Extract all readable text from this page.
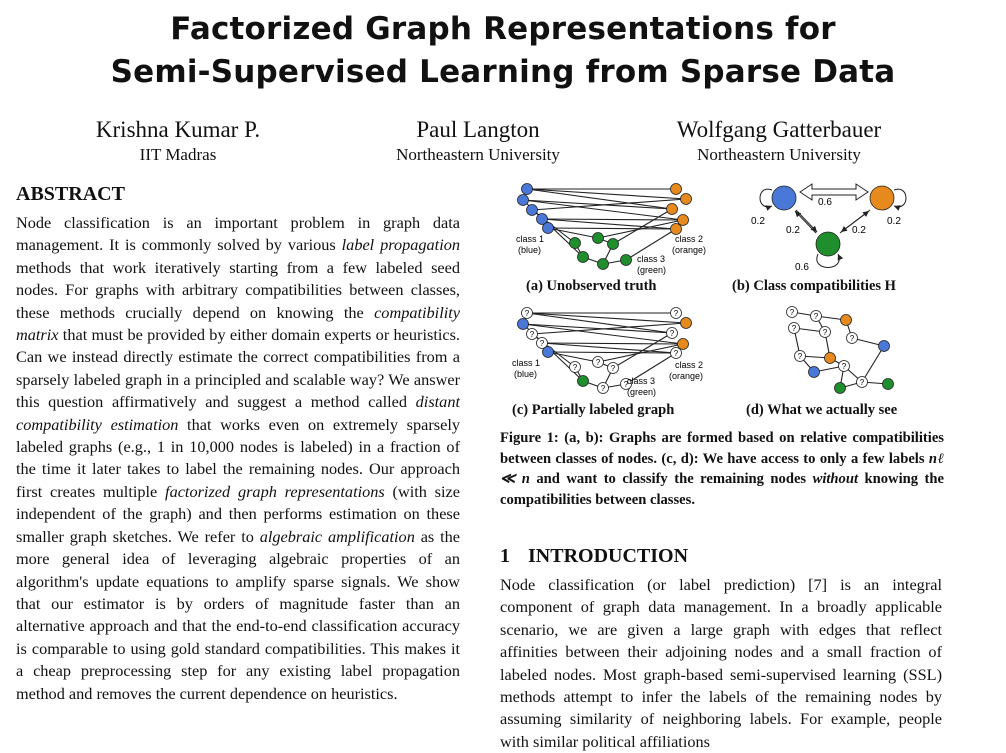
Factorized Graph Representations for
Semi-Supervised Learning from Sparse Data
Krishna Kumar P.
IIT Madras
Paul Langton
Northeastern University
Wolfgang Gatterbauer
Northeastern University
ABSTRACT

Node classification is an important problem in graph data management. It is commonly solved by various label propagation methods that work iteratively starting from a few labeled seed nodes. For graphs with arbitrary compatibilities between classes, these methods crucially depend on knowing the compatibility matrix that must be provided by either domain experts or heuristics. Can we instead directly estimate the correct compatibilities from a sparsely labeled graph in a principled and scalable way? We answer this question affirmatively and suggest a method called distant compatibility estimation that works even on extremely sparsely labeled graphs (e.g., 1 in 10,000 nodes is labeled) in a fraction of the time it later takes to label the remaining nodes. Our approach first creates multiple factorized graph representations (with size independent of the graph) and then performs estimation on these smaller graph sketches. We refer to algebraic amplification as the more general idea of leveraging algebraic properties of an algorithm's update equations to amplify sparse signals. We show that our estimator is by orders of magnitude faster than an alternative approach and that the end-to-end classification accuracy is comparable to using gold standard compatibilities. This makes it a cheap preprocessing step for any existing label propagation method and removes the current dependence on heuristics.

?
?
?
?
?
?
?
?
?
? ?
? ?
?	?
?
?
?
?
class 1
(blue)
class 2
(orange)
class 3
(green)
0.6
0.2
0.2	0.2
0.2
0.6
class 1
(blue)
class 2
(orange)
class 3
(green)
(a) Unobserved truth	(b) Class compatibilities H
(c) Partially labeled graph	(d) What we actually see
Figure 1: (a, b): Graphs are formed based on relative compatibilities between classes of nodes. (c, d): We have access to only a few labels nℓ ≪ n and want to classify the remaining nodes without knowing the compatibilities between classes.
1 INTRODUCTION
Node classification (or label prediction) [7] is an integral component of graph data management. In a broadly applicable scenario, we are given a large graph with edges that reflect affinities between their adjoining nodes and a small fraction of labeled nodes. Most graph-based semi-supervised learning (SSL) methods attempt to infer the labels of the remaining nodes by assuming similarity of neighboring labels. For example, people with similar political affiliations
